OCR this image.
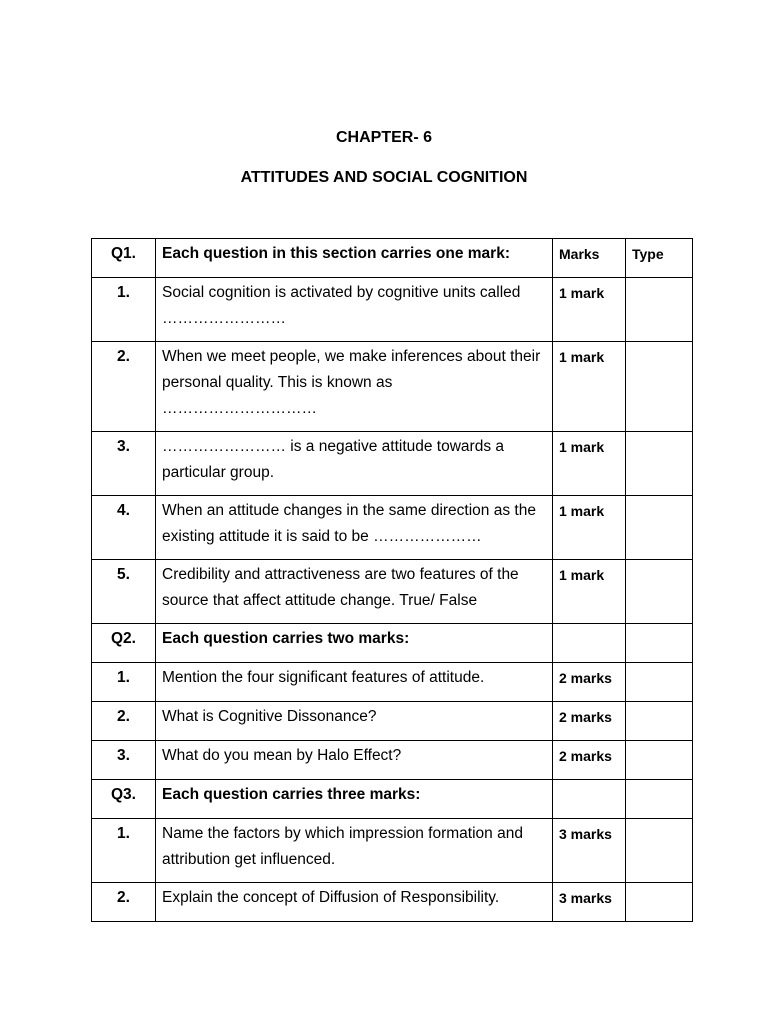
CHAPTER- 6
ATTITUDES AND SOCIAL COGNITION
Q1.	Each question in this section carries one mark:	Marks	Type
1.	Social cognition is activated by cognitive units called ……………………	1 mark	
2.	When we meet people, we make inferences about their personal quality. This is known as …………………………	1 mark	
3.	…………………… is a negative attitude towards a particular group.	1 mark	
4.	When an attitude changes in the same direction as the existing attitude it is said to be …………………	1 mark	
5.	Credibility and attractiveness are two features of the source that affect attitude change. True/ False	1 mark	
Q2.	Each question carries two marks:		
1.	Mention the four significant features of attitude.	2 marks	
2.	What is Cognitive Dissonance?	2 marks	
3.	What do you mean by Halo Effect?	2 marks	
Q3.	Each question carries three marks:		
1.	Name the factors by which impression formation and attribution get influenced.	3 marks	
2.	Explain the concept of Diffusion of Responsibility.	3 marks	
